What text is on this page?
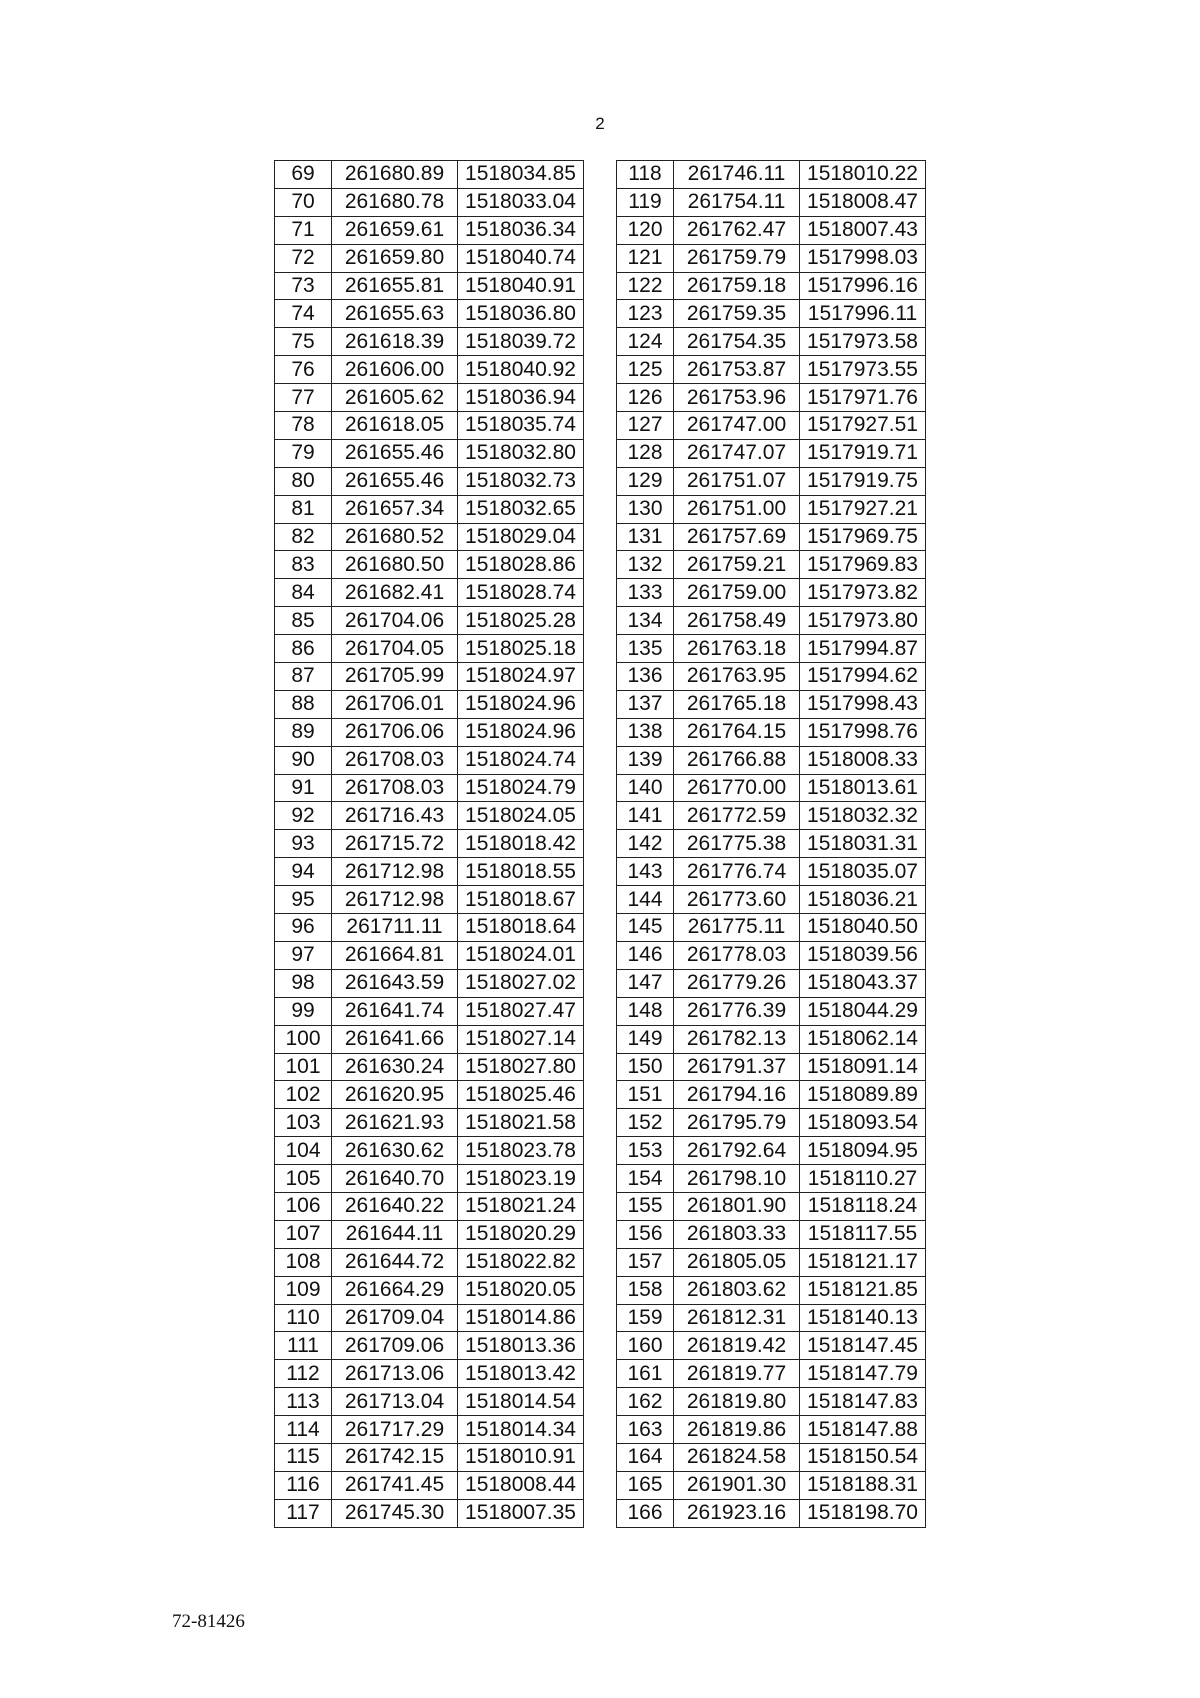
2
69	261680.89	1518034.85
70	261680.78	1518033.04
71	261659.61	1518036.34
72	261659.80	1518040.74
73	261655.81	1518040.91
74	261655.63	1518036.80
75	261618.39	1518039.72
76	261606.00	1518040.92
77	261605.62	1518036.94
78	261618.05	1518035.74
79	261655.46	1518032.80
80	261655.46	1518032.73
81	261657.34	1518032.65
82	261680.52	1518029.04
83	261680.50	1518028.86
84	261682.41	1518028.74
85	261704.06	1518025.28
86	261704.05	1518025.18
87	261705.99	1518024.97
88	261706.01	1518024.96
89	261706.06	1518024.96
90	261708.03	1518024.74
91	261708.03	1518024.79
92	261716.43	1518024.05
93	261715.72	1518018.42
94	261712.98	1518018.55
95	261712.98	1518018.67
96	261711.11	1518018.64
97	261664.81	1518024.01
98	261643.59	1518027.02
99	261641.74	1518027.47
100	261641.66	1518027.14
101	261630.24	1518027.80
102	261620.95	1518025.46
103	261621.93	1518021.58
104	261630.62	1518023.78
105	261640.70	1518023.19
106	261640.22	1518021.24
107	261644.11	1518020.29
108	261644.72	1518022.82
109	261664.29	1518020.05
110	261709.04	1518014.86
111	261709.06	1518013.36
112	261713.06	1518013.42
113	261713.04	1518014.54
114	261717.29	1518014.34
115	261742.15	1518010.91
116	261741.45	1518008.44
117	261745.30	1518007.35
118	261746.11	1518010.22
119	261754.11	1518008.47
120	261762.47	1518007.43
121	261759.79	1517998.03
122	261759.18	1517996.16
123	261759.35	1517996.11
124	261754.35	1517973.58
125	261753.87	1517973.55
126	261753.96	1517971.76
127	261747.00	1517927.51
128	261747.07	1517919.71
129	261751.07	1517919.75
130	261751.00	1517927.21
131	261757.69	1517969.75
132	261759.21	1517969.83
133	261759.00	1517973.82
134	261758.49	1517973.80
135	261763.18	1517994.87
136	261763.95	1517994.62
137	261765.18	1517998.43
138	261764.15	1517998.76
139	261766.88	1518008.33
140	261770.00	1518013.61
141	261772.59	1518032.32
142	261775.38	1518031.31
143	261776.74	1518035.07
144	261773.60	1518036.21
145	261775.11	1518040.50
146	261778.03	1518039.56
147	261779.26	1518043.37
148	261776.39	1518044.29
149	261782.13	1518062.14
150	261791.37	1518091.14
151	261794.16	1518089.89
152	261795.79	1518093.54
153	261792.64	1518094.95
154	261798.10	1518110.27
155	261801.90	1518118.24
156	261803.33	1518117.55
157	261805.05	1518121.17
158	261803.62	1518121.85
159	261812.31	1518140.13
160	261819.42	1518147.45
161	261819.77	1518147.79
162	261819.80	1518147.83
163	261819.86	1518147.88
164	261824.58	1518150.54
165	261901.30	1518188.31
166	261923.16	1518198.70
72-81426
